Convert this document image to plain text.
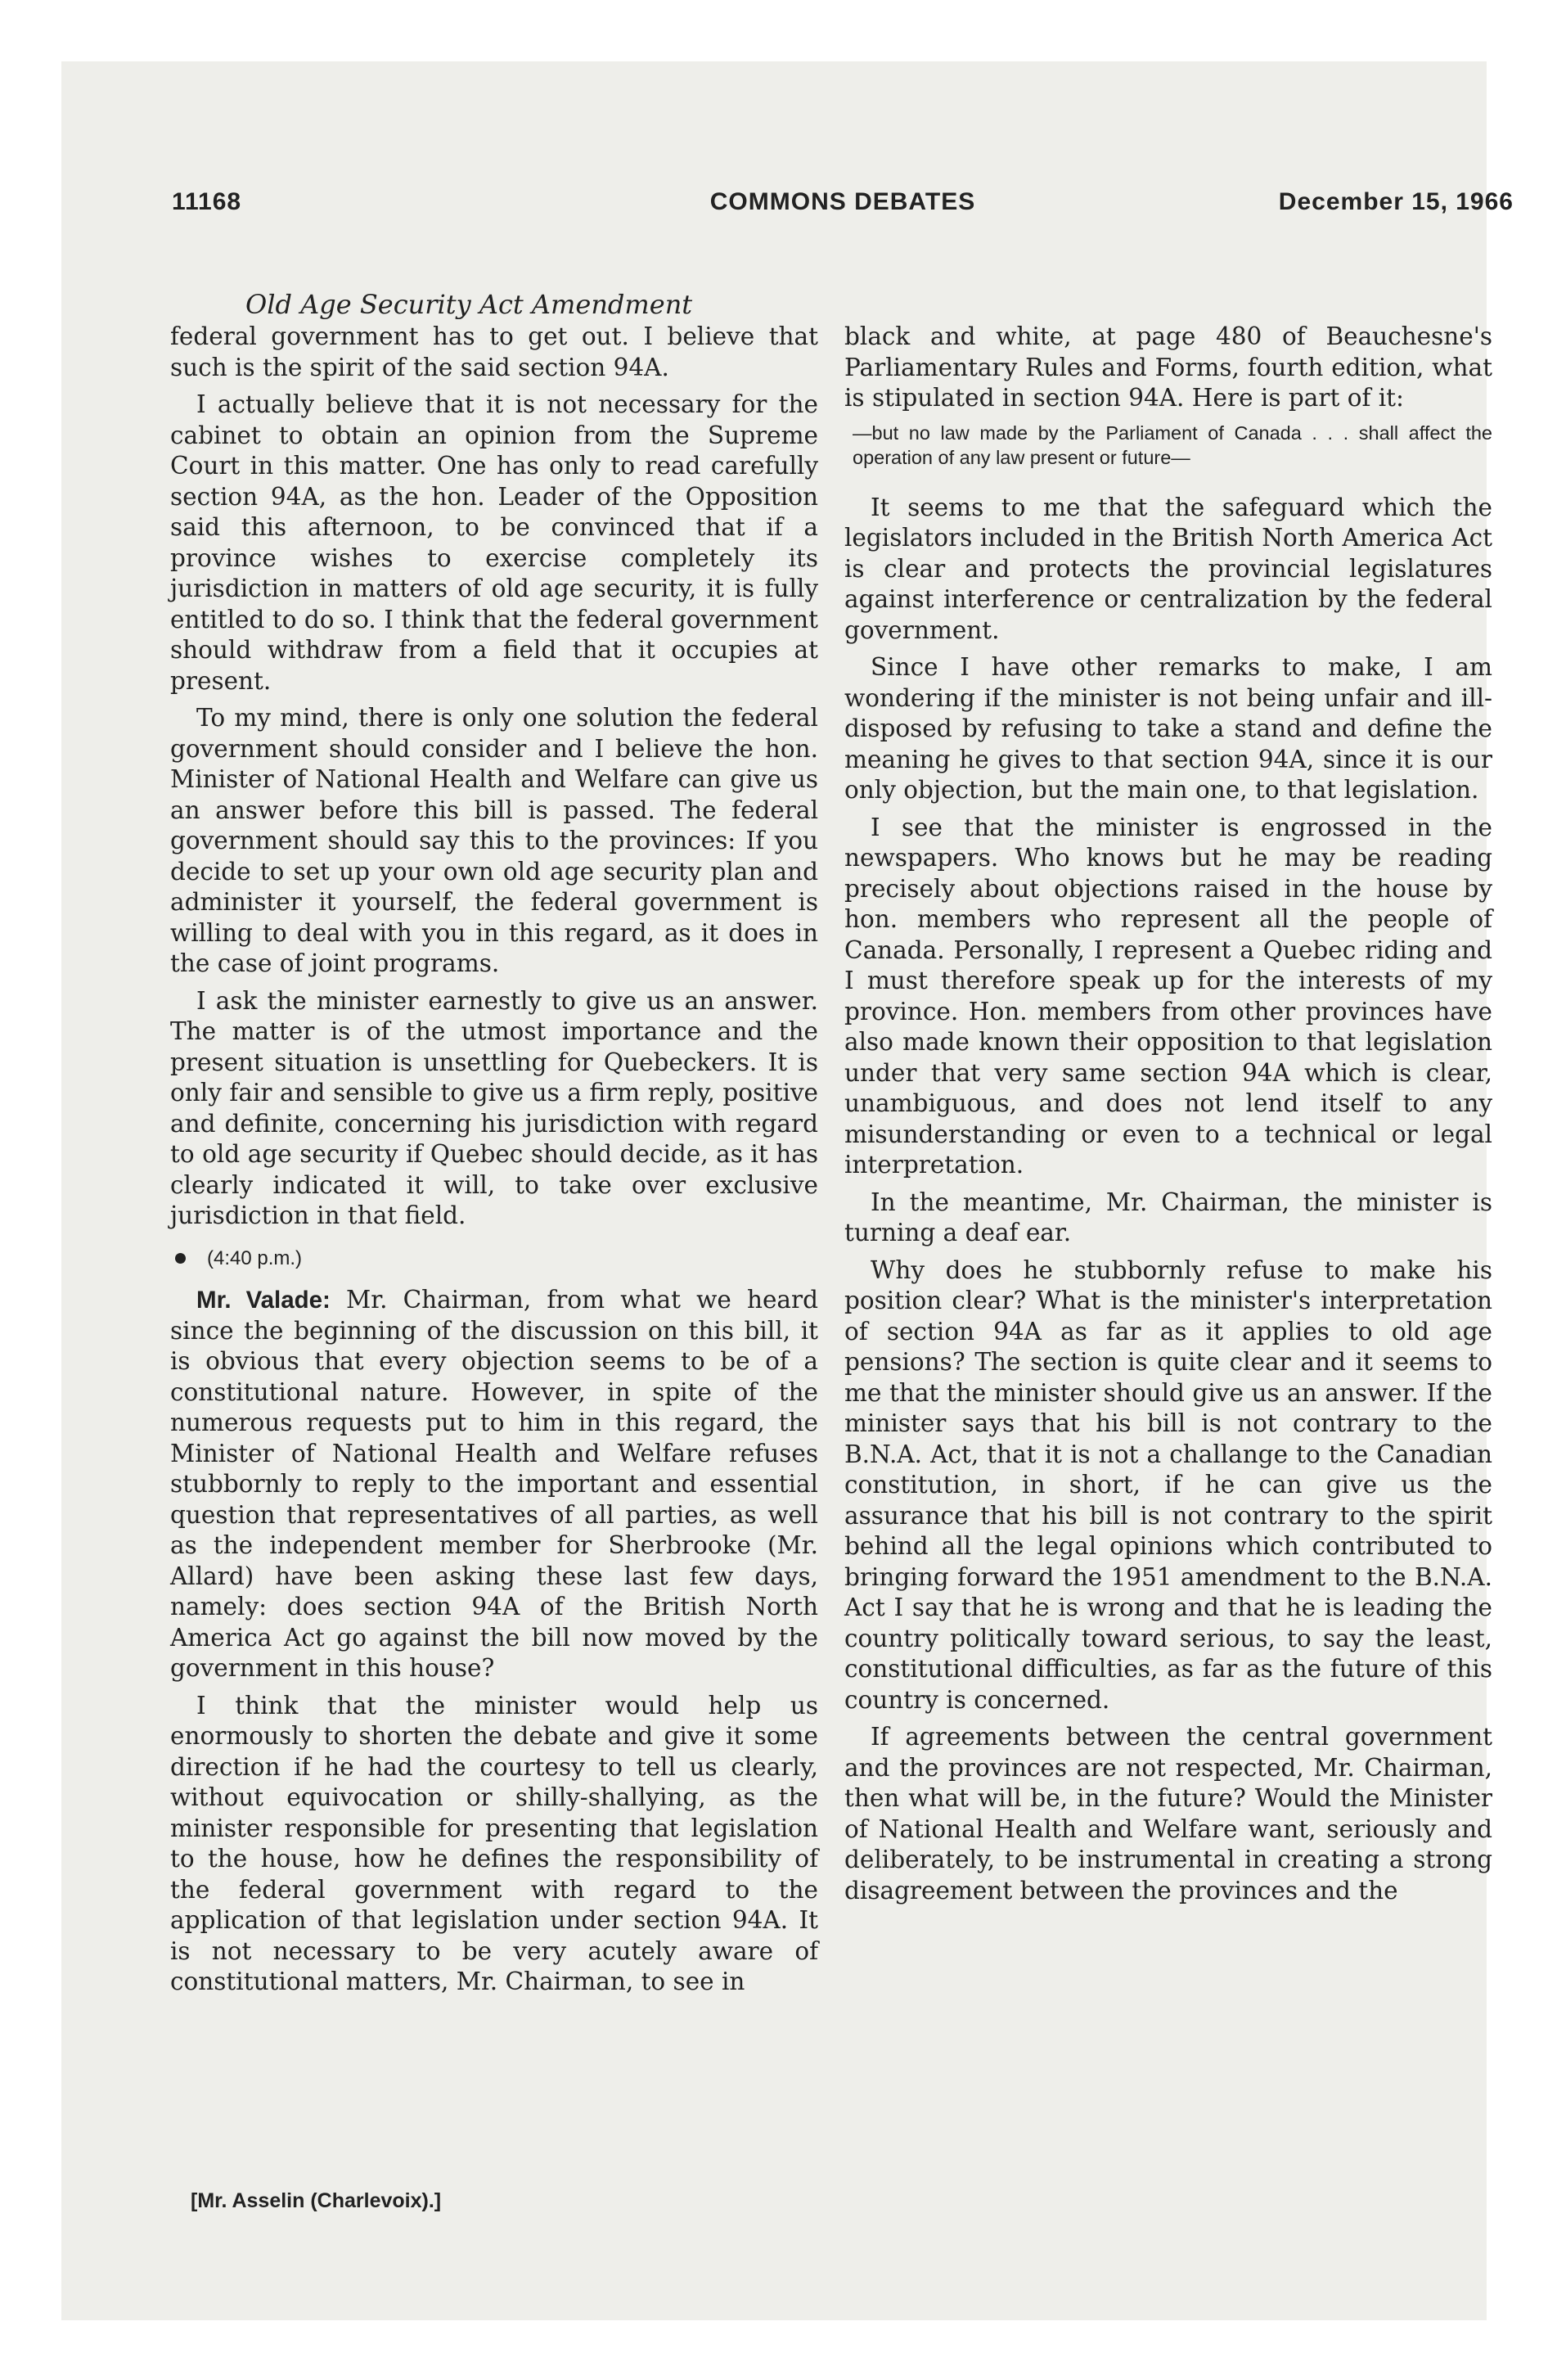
11168	COMMONS DEBATES	December 15, 1966
Old Age Security Act Amendment

federal government has to get out. I believe that such is the spirit of the said section 94A.

I actually believe that it is not necessary for the cabinet to obtain an opinion from the Supreme Court in this matter. One has only to read carefully section 94A, as the hon. Leader of the Opposition said this afternoon, to be convinced that if a province wishes to exercise completely its jurisdiction in matters of old age security, it is fully entitled to do so. I think that the federal government should withdraw from a field that it occupies at present.

To my mind, there is only one solution the federal government should consider and I believe the hon. Minister of National Health and Welfare can give us an answer before this bill is passed. The federal government should say this to the provinces: If you decide to set up your own old age security plan and administer it yourself, the federal government is willing to deal with you in this regard, as it does in the case of joint programs.

I ask the minister earnestly to give us an answer. The matter is of the utmost importance and the present situation is unsettling for Quebeckers. It is only fair and sensible to give us a firm reply, positive and definite, concerning his jurisdiction with regard to old age security if Quebec should decide, as it has clearly indicated it will, to take over exclusive jurisdiction in that field.

(4:40 p.m.)

Mr. Valade: Mr. Chairman, from what we heard since the beginning of the discussion on this bill, it is obvious that every objection seems to be of a constitutional nature. However, in spite of the numerous requests put to him in this regard, the Minister of National Health and Welfare refuses stubbornly to reply to the important and essential question that representatives of all parties, as well as the independent member for Sherbrooke (Mr. Allard) have been asking these last few days, namely: does section 94A of the British North America Act go against the bill now moved by the government in this house?

I think that the minister would help us enormously to shorten the debate and give it some direction if he had the courtesy to tell us clearly, without equivocation or shilly-shallying, as the minister responsible for presenting that legislation to the house, how he defines the responsibility of the federal government with regard to the application of that legislation under section 94A. It is not necessary to be very acutely aware of constitutional matters, Mr. Chairman, to see in

black and white, at page 480 of Beauchesne's Parliamentary Rules and Forms, fourth edition, what is stipulated in section 94A. Here is part of it:

—but no law made by the Parliament of Canada . . . shall affect the operation of any law present or future—

It seems to me that the safeguard which the legislators included in the British North America Act is clear and protects the provincial legislatures against interference or centralization by the federal government.

Since I have other remarks to make, I am wondering if the minister is not being unfair and ill-disposed by refusing to take a stand and define the meaning he gives to that section 94A, since it is our only objection, but the main one, to that legislation.

I see that the minister is engrossed in the newspapers. Who knows but he may be reading precisely about objections raised in the house by hon. members who represent all the people of Canada. Personally, I represent a Quebec riding and I must therefore speak up for the interests of my province. Hon. members from other provinces have also made known their opposition to that legislation under that very same section 94A which is clear, unambiguous, and does not lend itself to any misunderstanding or even to a technical or legal interpretation.

In the meantime, Mr. Chairman, the minister is turning a deaf ear.

Why does he stubbornly refuse to make his position clear? What is the minister's interpretation of section 94A as far as it applies to old age pensions? The section is quite clear and it seems to me that the minister should give us an answer. If the minister says that his bill is not contrary to the B.N.A. Act, that it is not a challange to the Canadian constitution, in short, if he can give us the assurance that his bill is not contrary to the spirit behind all the legal opinions which contributed to bringing forward the 1951 amendment to the B.N.A. Act I say that he is wrong and that he is leading the country politically toward serious, to say the least, constitutional difficulties, as far as the future of this country is concerned.

If agreements between the central government and the provinces are not respected, Mr. Chairman, then what will be, in the future? Would the Minister of National Health and Welfare want, seriously and deliberately, to be instrumental in creating a strong disagreement between the provinces and the

[Mr. Asselin (Charlevoix).]
